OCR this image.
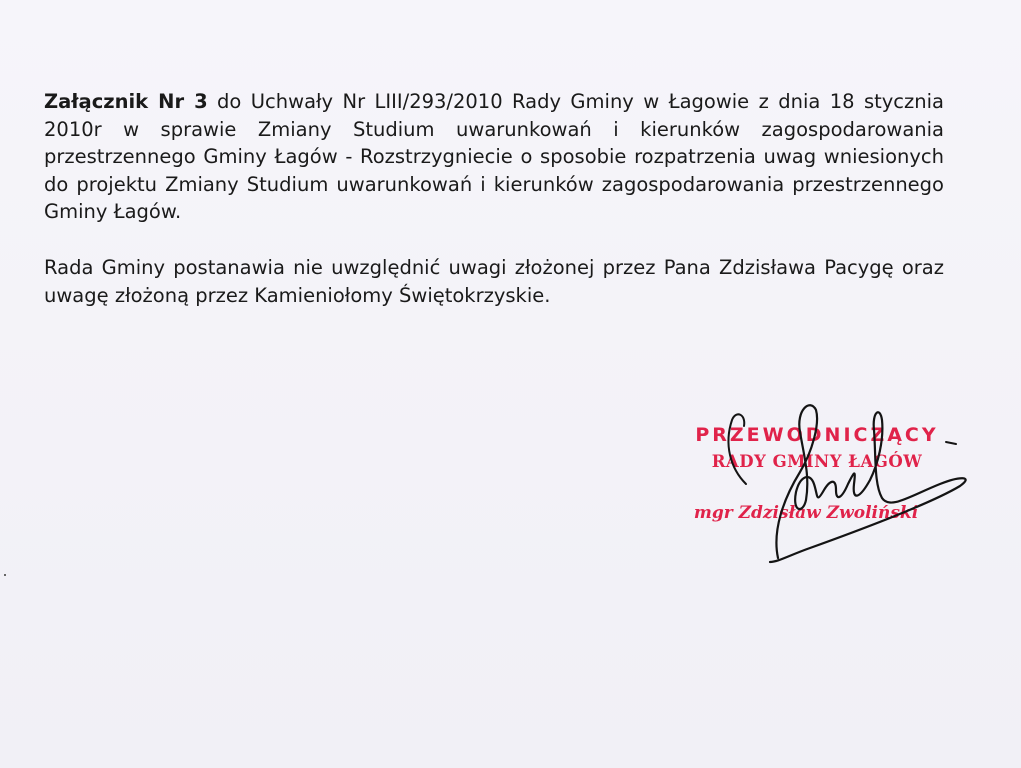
Załącznik Nr 3 do Uchwały Nr LIII/293/2010 Rady Gminy w Łagowie z dnia 18 stycznia 2010r w sprawie Zmiany Studium uwarunkowań i kierunków zagospodarowania przestrzennego Gminy Łagów - Rozstrzygniecie o sposobie rozpatrzenia uwag wniesionych do projektu Zmiany Studium uwarunkowań i kierunków zagospodarowania przestrzennego Gminy Łagów.

Rada Gminy postanawia nie uwzględnić uwagi złożonej przez Pana Zdzisława Pacygę oraz uwagę złożoną przez Kamieniołomy Świętokrzyskie.

PRZEWODNICZĄCY
RADY GMINY ŁAGÓW
mgr Zdzisław Zwoliński
